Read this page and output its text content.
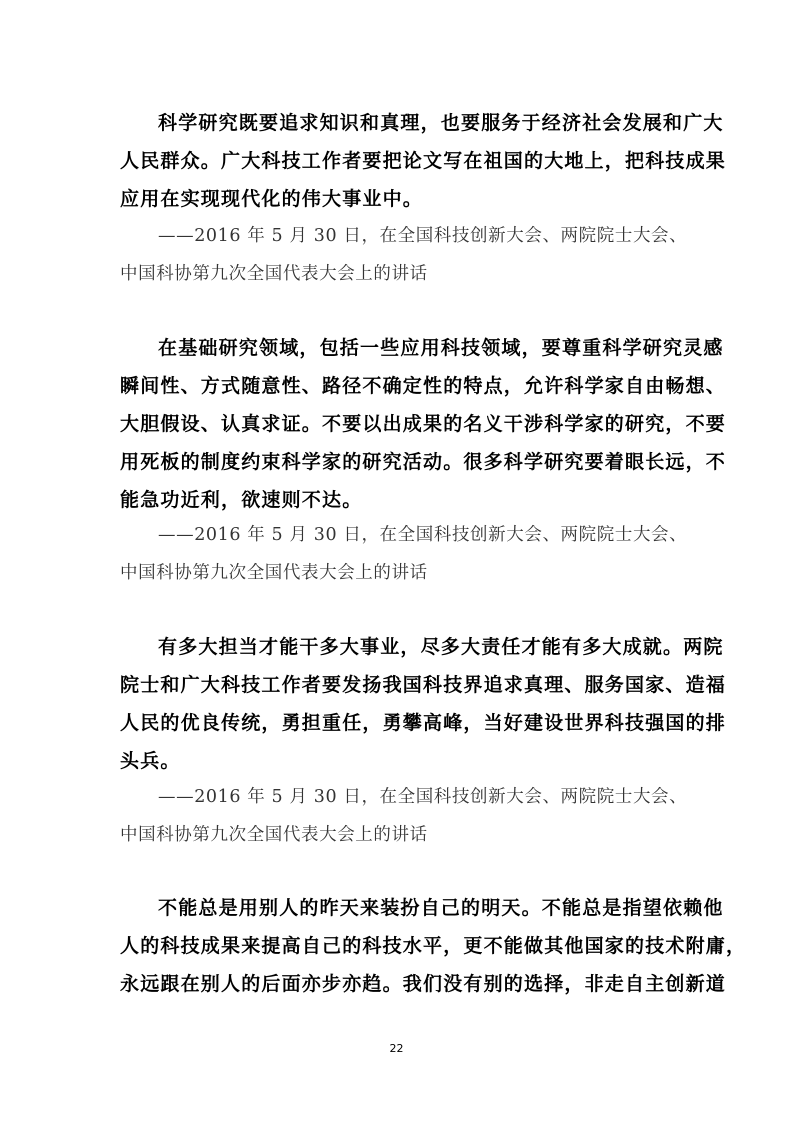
科学研究既要追求知识和真理，也要服务于经济社会发展和广大
人民群众。广大科技工作者要把论文写在祖国的大地上，把科技成果
应用在实现现代化的伟大事业中。
——2016 年 5 月 30 日，在全国科技创新大会、两院院士大会、
中国科协第九次全国代表大会上的讲话
在基础研究领域，包括一些应用科技领域，要尊重科学研究灵感
瞬间性、方式随意性、路径不确定性的特点，允许科学家自由畅想、
大胆假设、认真求证。不要以出成果的名义干涉科学家的研究，不要
用死板的制度约束科学家的研究活动。很多科学研究要着眼长远，不
能急功近利，欲速则不达。
——2016 年 5 月 30 日，在全国科技创新大会、两院院士大会、
中国科协第九次全国代表大会上的讲话
有多大担当才能干多大事业，尽多大责任才能有多大成就。两院
院士和广大科技工作者要发扬我国科技界追求真理、服务国家、造福
人民的优良传统，勇担重任，勇攀高峰，当好建设世界科技强国的排
头兵。
——2016 年 5 月 30 日，在全国科技创新大会、两院院士大会、
中国科协第九次全国代表大会上的讲话
不能总是用别人的昨天来装扮自己的明天。不能总是指望依赖他
人的科技成果来提高自己的科技水平，更不能做其他国家的技术附庸，
永远跟在别人的后面亦步亦趋。我们没有别的选择，非走自主创新道
22
